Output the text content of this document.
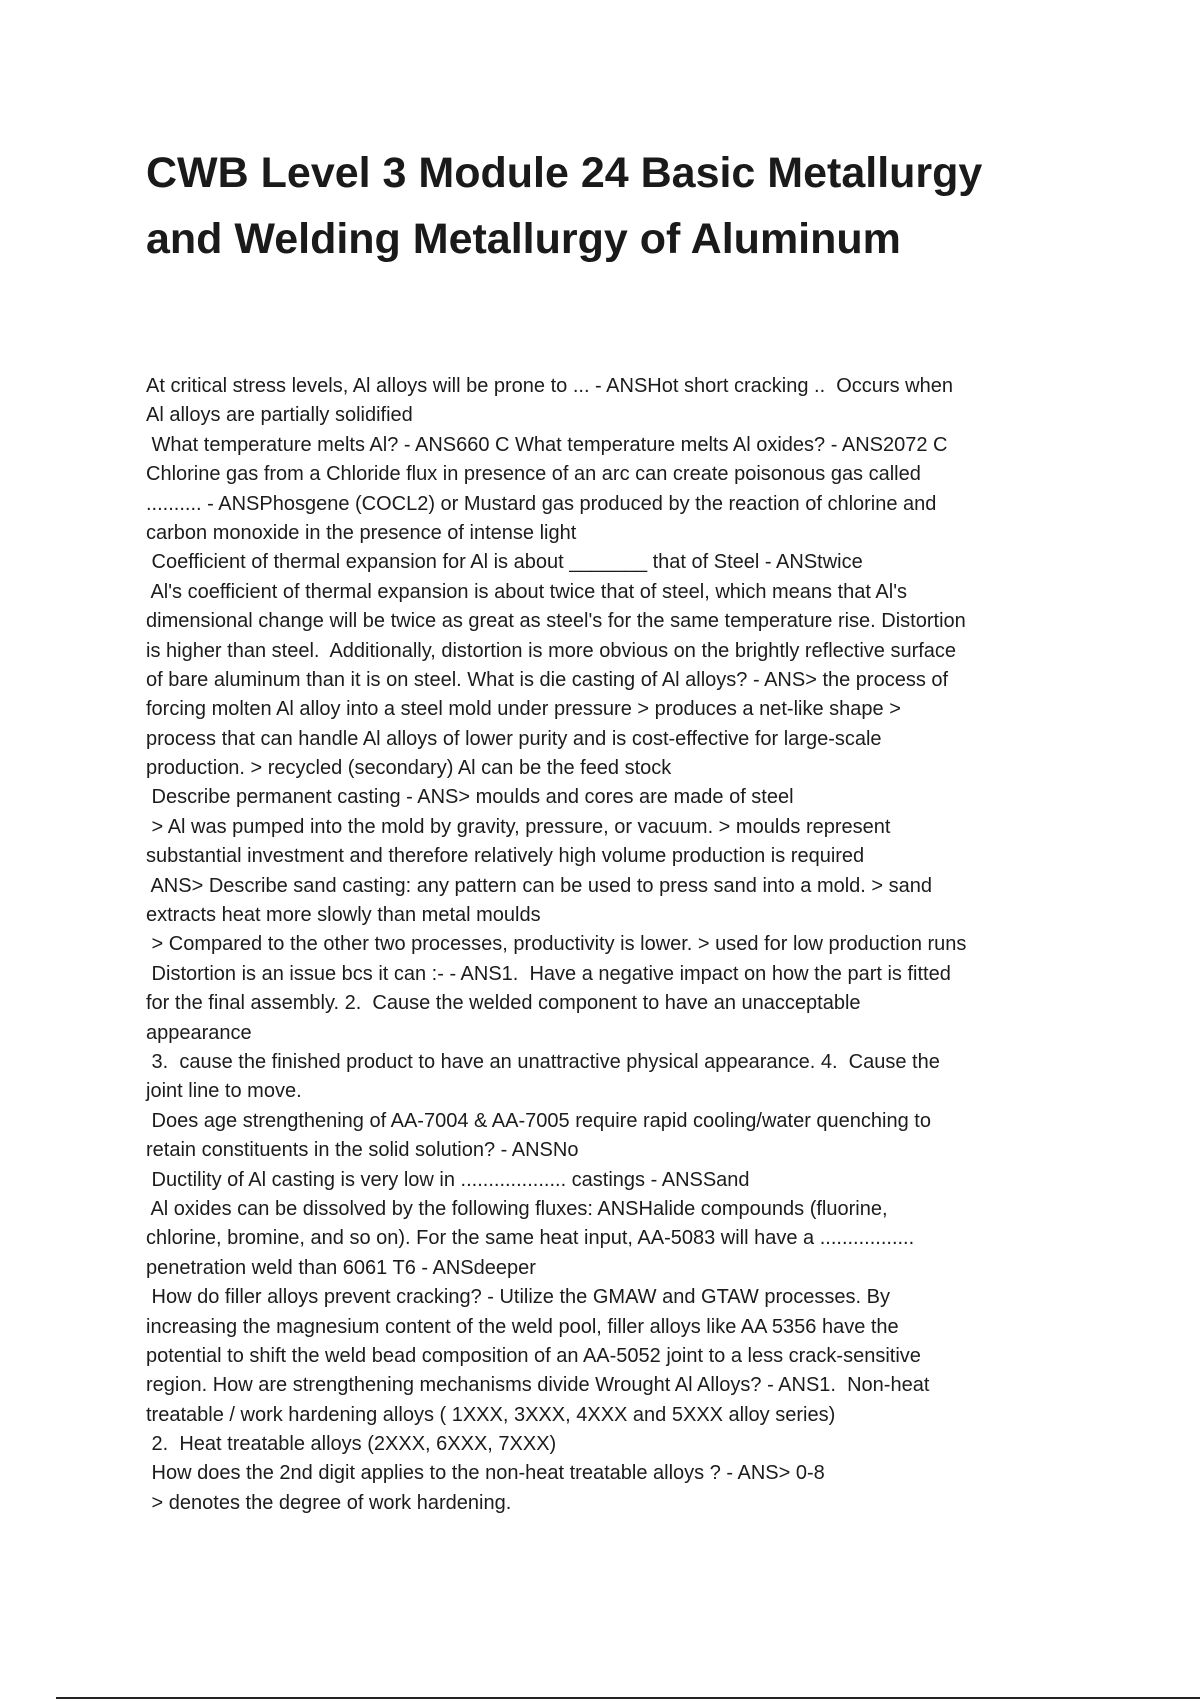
CWB Level 3 Module 24 Basic Metallurgy
and Welding Metallurgy of Aluminum
At critical stress levels, Al alloys will be prone to ... - ANSHot short cracking ..  Occurs when
Al alloys are partially solidified
What temperature melts Al? - ANS660 C What temperature melts Al oxides? - ANS2072 C
Chlorine gas from a Chloride flux in presence of an arc can create poisonous gas called
.......... - ANSPhosgene (COCL2) or Mustard gas produced by the reaction of chlorine and
carbon monoxide in the presence of intense light
Coefficient of thermal expansion for Al is about _______ that of Steel - ANStwice
Al's coefficient of thermal expansion is about twice that of steel, which means that Al's
dimensional change will be twice as great as steel's for the same temperature rise. Distortion
is higher than steel.  Additionally, distortion is more obvious on the brightly reflective surface
of bare aluminum than it is on steel. What is die casting of Al alloys? - ANS> the process of
forcing molten Al alloy into a steel mold under pressure > produces a net-like shape >
process that can handle Al alloys of lower purity and is cost-effective for large-scale
production. > recycled (secondary) Al can be the feed stock
Describe permanent casting - ANS> moulds and cores are made of steel
> Al was pumped into the mold by gravity, pressure, or vacuum. > moulds represent
substantial investment and therefore relatively high volume production is required
ANS> Describe sand casting: any pattern can be used to press sand into a mold. > sand
extracts heat more slowly than metal moulds
> Compared to the other two processes, productivity is lower. > used for low production runs
Distortion is an issue bcs it can :- - ANS1.  Have a negative impact on how the part is fitted
for the final assembly. 2.  Cause the welded component to have an unacceptable
appearance
3.  cause the finished product to have an unattractive physical appearance. 4.  Cause the
joint line to move.
Does age strengthening of AA-7004 & AA-7005 require rapid cooling/water quenching to
retain constituents in the solid solution? - ANSNo
Ductility of Al casting is very low in ................... castings - ANSSand
Al oxides can be dissolved by the following fluxes: ANSHalide compounds (fluorine,
chlorine, bromine, and so on). For the same heat input, AA-5083 will have a .................
penetration weld than 6061 T6 - ANSdeeper
How do filler alloys prevent cracking? - Utilize the GMAW and GTAW processes. By
increasing the magnesium content of the weld pool, filler alloys like AA 5356 have the
potential to shift the weld bead composition of an AA-5052 joint to a less crack-sensitive
region. How are strengthening mechanisms divide Wrought Al Alloys? - ANS1.  Non-heat
treatable / work hardening alloys ( 1XXX, 3XXX, 4XXX and 5XXX alloy series)
2.  Heat treatable alloys (2XXX, 6XXX, 7XXX)
How does the 2nd digit applies to the non-heat treatable alloys ? - ANS> 0-8
> denotes the degree of work hardening.
